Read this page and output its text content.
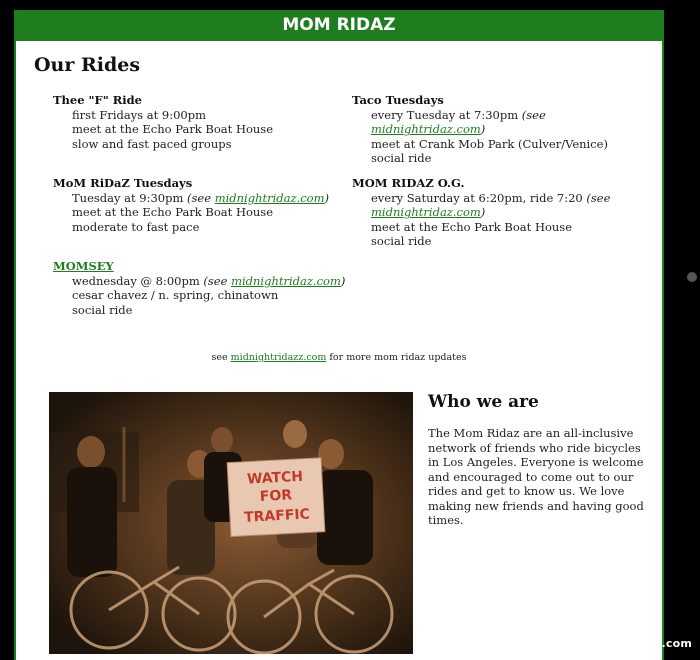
MOM RIDAZ
Our Rides
Thee "F" Ride
first Fridays at 9:00pm
meet at the Echo Park Boat House
slow and fast paced groups
Taco Tuesdays
every Tuesday at 7:30pm (see midnightridaz.com)
meet at Crank Mob Park (Culver/Venice)
social ride
MoM RiDaZ Tuesdays
Tuesday at 9:30pm (see midnightridaz.com)
meet at the Echo Park Boat House
moderate to fast pace
MOM RIDAZ O.G.
every Saturday at 6:20pm, ride 7:20 (see
midnightridaz.com)
meet at the Echo Park Boat House
social ride
MOMSEY
wednesday @ 8:00pm (see midnightridaz.com)
cesar chavez / n. spring, chinatown
social ride
see midnightridazz.com for more mom ridaz updates
WATCH
FOR
TRAFFIC
Who we are
The Mom Ridaz are an all-inclusive network of friends who ride bicycles in Los Angeles. Everyone is welcome and encouraged to come out to our rides and get to know us. We love making new friends and having good times.
www.MidnightRidazz.com
